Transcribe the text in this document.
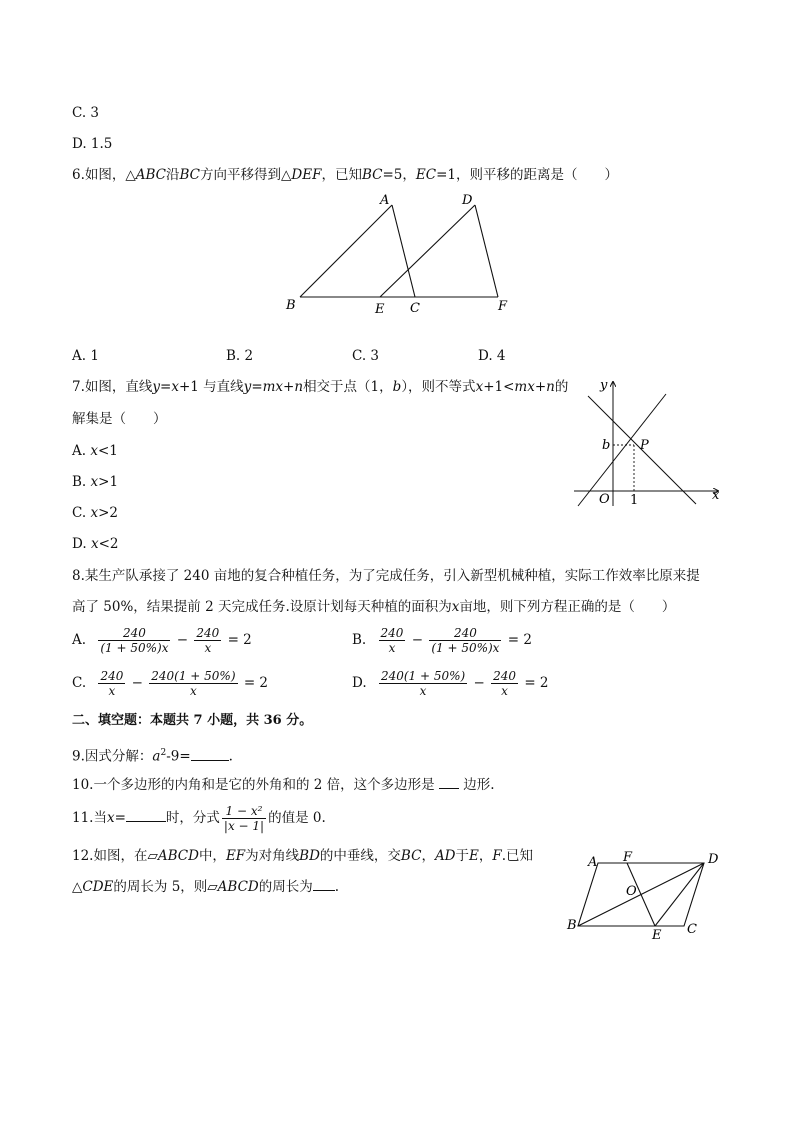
C. 3
D. 1.5
6.如图，△ABC沿BC方向平移得到△DEF，已知BC=5，EC=1，则平移的距离是（　　）
A	D
B	E C	F
A. 1	B. 2	C. 3	D. 4
7.如图，直线y=x+1 与直线y=mx+n相交于点（1，b），则不等式x+1<mx+n的
解集是（　　）
A. x<1
B. x>1
C. x>2
D. x<2
y
x
b P
O 1
8.某生产队承接了 240 亩地的复合种植任务，为了完成任务，引入新型机械种植，实际工作效率比原来提
高了 50%，结果提前 2 天完成任务.设原计划每天种植的面积为x亩地，则下列方程正确的是（　　）
A. $\frac{240}{(1 + 50\%)x} - \frac{240}{x} = 2$	B. $\frac{240}{x} - \frac{240}{(1 + 50\%)x} = 2$
C. $\frac{240}{x} - \frac{240(1 + 50\%)}{x} = 2$	D. $\frac{240(1 + 50\%)}{x} - \frac{240}{x} = 2$
二、填空题：本题共 7 小题，共 36 分。
9.因式分解：$a^2-9=$	.
10.一个多边形的内角和是它的外角和的 2 倍，这个多边形是 边形.
11.当x=	时，分式 $\frac{\text{1 − x²}}{|x - 1|}$ 的值是 0.
12.如图，在▱ABCD中，EF为对角线BD的中垂线，交BC，AD于E，F.已知
△CDE的周长为 5，则▱ABCD的周长为 .
A F	D
O
B
E C
